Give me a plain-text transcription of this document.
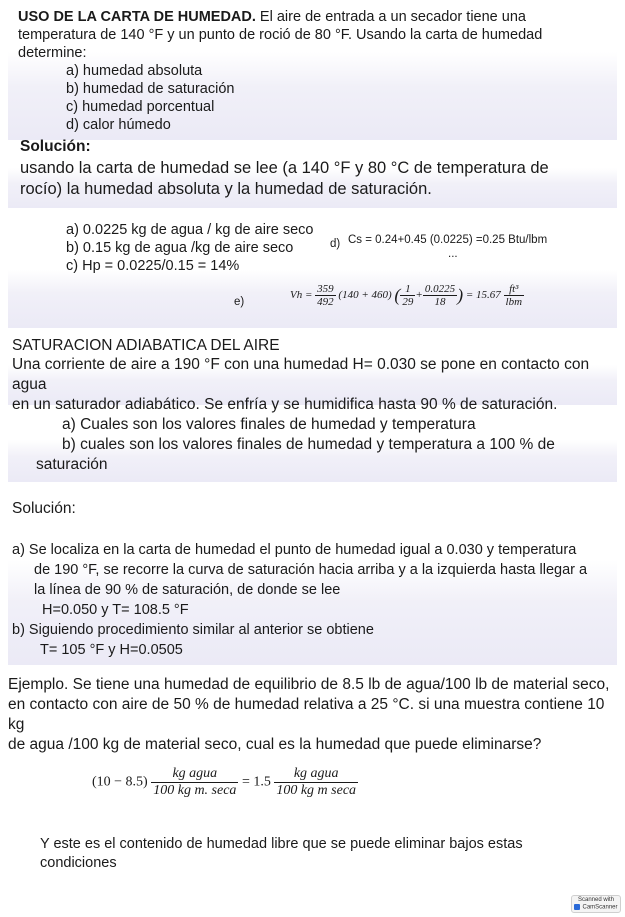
USO DE LA CARTA DE HUMEDAD. El aire de entrada a un secador tiene una
temperatura de 140 °F y un punto de roció de 80 °F. Usando la carta de humedad
determine:
a) humedad absoluta
b) humedad de saturación
c) humedad porcentual
d) calor húmedo
Solución:
usando la carta de humedad se lee (a 140 °F y 80 °C de temperatura de
rocío) la humedad absoluta y la humedad de saturación.
a) 0.0225 kg de agua / kg de aire seco
b) 0.15 kg de agua /kg de aire seco
c) Hp = 0.0225/0.15 = 14%
d) Cs = 0.24+0.45 (0.0225) =0.25 Btu/lbm
...
e)
$Vh = \frac{359}{492} (140 + 460)$ ( $\frac{1}{29} + \frac{0.0225}{18}$ ) = $15.67 \frac{\text{ft³}}{\text{lbm}}$
SATURACION ADIABATICA DEL AIRE
Una corriente de aire a 190 °F con una humedad H= 0.030 se pone en contacto con agua
en un saturador adiabático. Se enfría y se humidifica hasta 90 % de saturación.
a) Cuales son los valores finales de humedad y temperatura
b) cuales son los valores finales de humedad y temperatura a 100 % de
saturación
Solución:
a) Se localiza en la carta de humedad el punto de humedad igual a 0.030 y temperatura
de 190 °F, se recorre la curva de saturación hacia arriba y a la izquierda hasta llegar a
la línea de 90 % de saturación, de donde se lee
H=0.050 y T= 108.5 °F
b) Siguiendo procedimiento similar al anterior se obtiene
T= 105 °F y H=0.0505
Ejemplo. Se tiene una humedad de equilibrio de 8.5 lb de agua/100 lb de material seco,
en contacto con aire de 50 % de humedad relativa a 25 °C. si una muestra contiene 10 kg
de agua /100 kg de material seco, cual es la humedad que puede eliminarse?
$(10 - 8.5) \frac{\text{kg agua}}{\text{100 kg m. seca}} = 1.5 \frac{\text{kg agua}}{\text{100 kg m seca}}$
Y este es el contenido de humedad libre que se puede eliminar bajos estas
condiciones
Scanned with
CamScanner
